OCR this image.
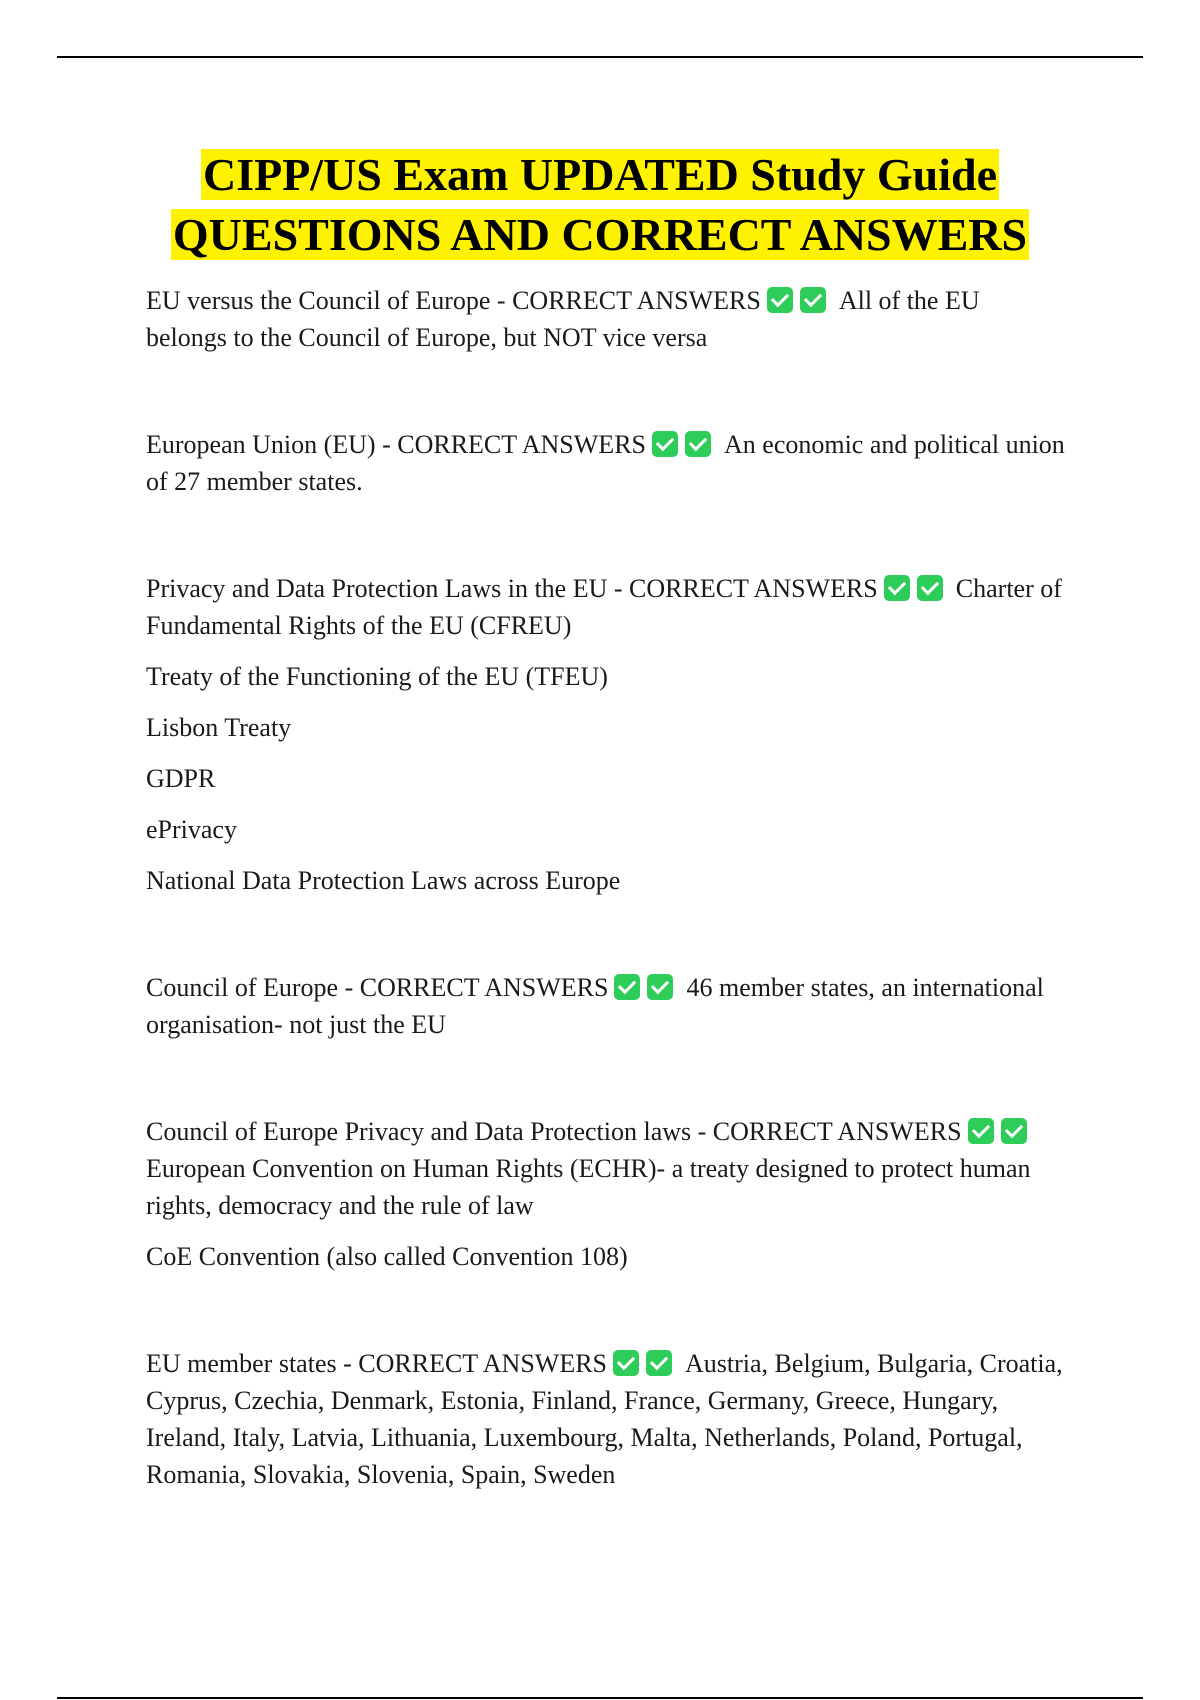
CIPP/US Exam UPDATED Study Guide
QUESTIONS AND CORRECT ANSWERS

EU versus the Council of Europe - CORRECT ANSWERS	All of the EU belongs to the Council of Europe, but NOT vice versa

European Union (EU) - CORRECT ANSWERS	An economic and political union of 27 member states.

Privacy and Data Protection Laws in the EU - CORRECT ANSWERS	Charter of Fundamental Rights of the EU (CFREU)

Treaty of the Functioning of the EU (TFEU)

Lisbon Treaty

GDPR

ePrivacy

National Data Protection Laws across Europe

Council of Europe - CORRECT ANSWERS	46 member states, an international organisation- not just the EU

Council of Europe Privacy and Data Protection laws - CORRECT ANSWERSEuropean Convention on Human Rights (ECHR)- a treaty designed to protect human rights, democracy and the rule of law

CoE Convention (also called Convention 108)

EU member states - CORRECT ANSWERS	Austria, Belgium, Bulgaria, Croatia, Cyprus, Czechia, Denmark, Estonia, Finland, France, Germany, Greece, Hungary, Ireland, Italy, Latvia, Lithuania, Luxembourg, Malta, Netherlands, Poland, Portugal, Romania, Slovakia, Slovenia, Spain, Sweden
